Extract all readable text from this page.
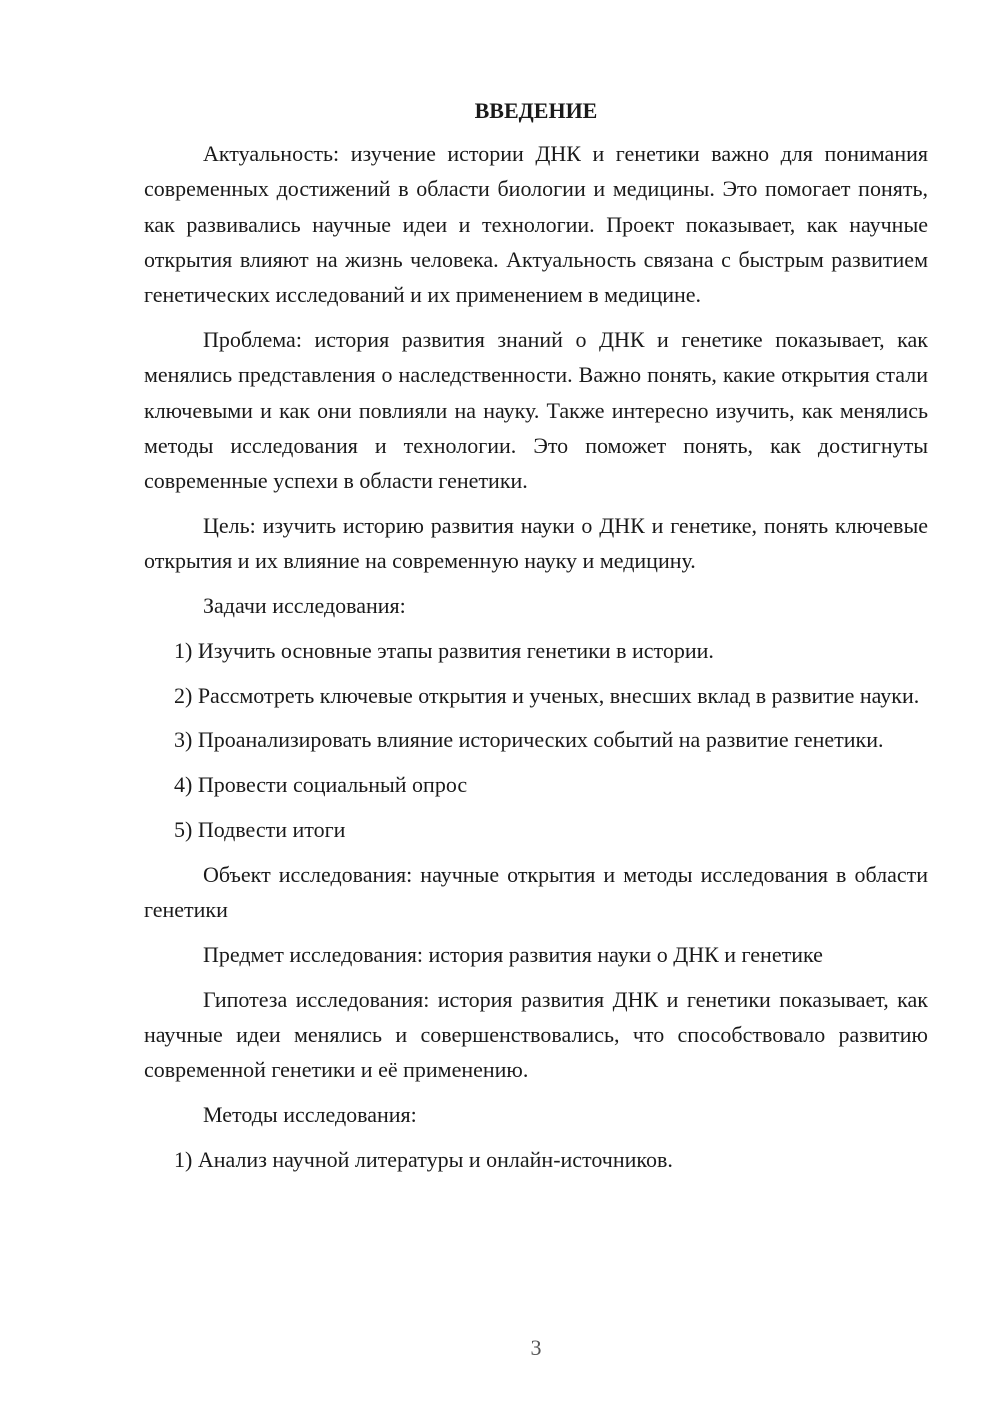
ВВЕДЕНИЕ

Актуальность: изучение истории ДНК и генетики важно для понимания современных достижений в области биологии и медицины. Это помогает понять, как развивались научные идеи и технологии. Проект показывает, как научные открытия влияют на жизнь человека. Актуальность связана с быстрым развитием генетических исследований и их применением в медицине.

Проблема: история развития знаний о ДНК и генетике показывает, как менялись представления о наследственности. Важно понять, какие открытия стали ключевыми и как они повлияли на науку. Также интересно изучить, как менялись методы исследования и технологии. Это поможет понять, как достигнуты современные успехи в области генетики.

Цель: изучить историю развития науки о ДНК и генетике, понять ключевые открытия и их влияние на современную науку и медицину.

Задачи исследования:

1) Изучить основные этапы развития генетики в истории.

2) Рассмотреть ключевые открытия и ученых, внесших вклад в развитие науки.

3) Проанализировать влияние исторических событий на развитие генетики.

4) Провести социальный опрос

5) Подвести итоги

Объект исследования: научные открытия и методы исследования в области генетики

Предмет исследования: история развития науки о ДНК и генетике

Гипотеза исследования: история развития ДНК и генетики показывает, как научные идеи менялись и совершенствовались, что способствовало развитию современной генетики и её применению.

Методы исследования:

1) Анализ научной литературы и онлайн-источников.

3
